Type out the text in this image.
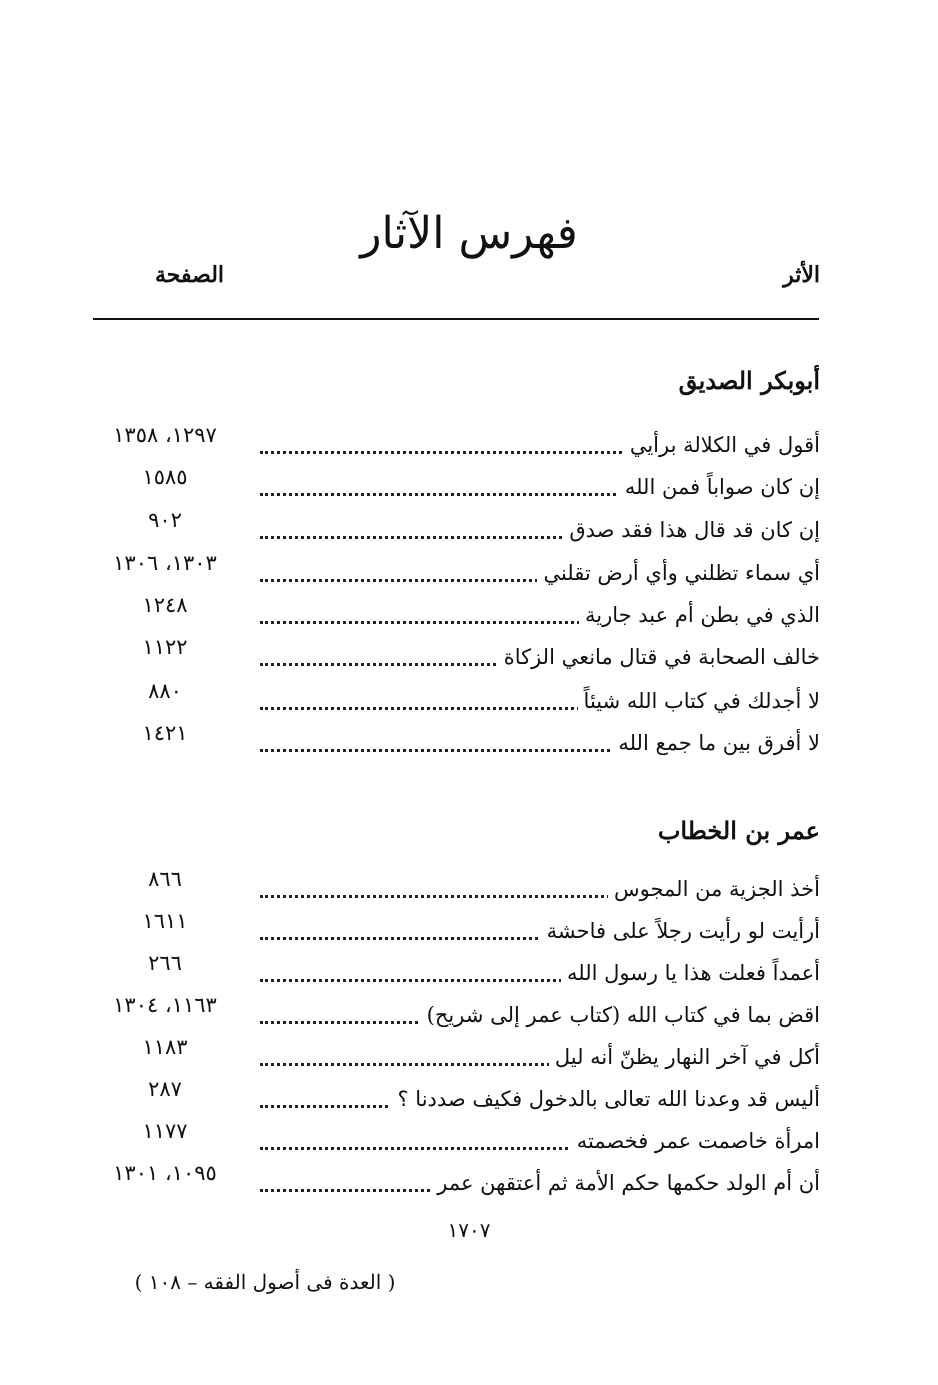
فهرس الآثار
الأثر
الصفحة
أبوبكر الصديق
أقول في الكلالة برأيي
١٢٩٧، ١٣٥٨
إن كان صواباً فمن الله
١٥٨٥
إن كان قد قال هذا فقد صدق
٩٠٢
أي سماء تظلني وأي أرض تقلني
١٣٠٣، ١٣٠٦
الذي في بطن أم عبد جارية
١٢٤٨
خالف الصحابة في قتال مانعي الزكاة
١١٢٢
لا أجدلك في كتاب الله شيئاً
٨٨٠
لا أفرق بين ما جمع الله
١٤٢١
عمر بن الخطاب
أخذ الجزية من المجوس
٨٦٦
أرأيت لو رأيت رجلاً على فاحشة
١٦١١
أعمداً فعلت هذا يا رسول الله
٢٦٦
اقض بما في كتاب الله (كتاب عمر إلى شريح)
١١٦٣، ١٣٠٤
أكل في آخر النهار يظنّ أنه ليل
١١٨٣
أليس قد وعدنا الله تعالى بالدخول فكيف صددنا ؟
٢٨٧
امرأة خاصمت عمر فخصمته
١١٧٧
أن أم الولد حكمها حكم الأمة ثم أعتقهن عمر
١٠٩٥، ١٣٠١
١٧٠٧
( العدة فى أصول الفقه – ١٠٨ )
